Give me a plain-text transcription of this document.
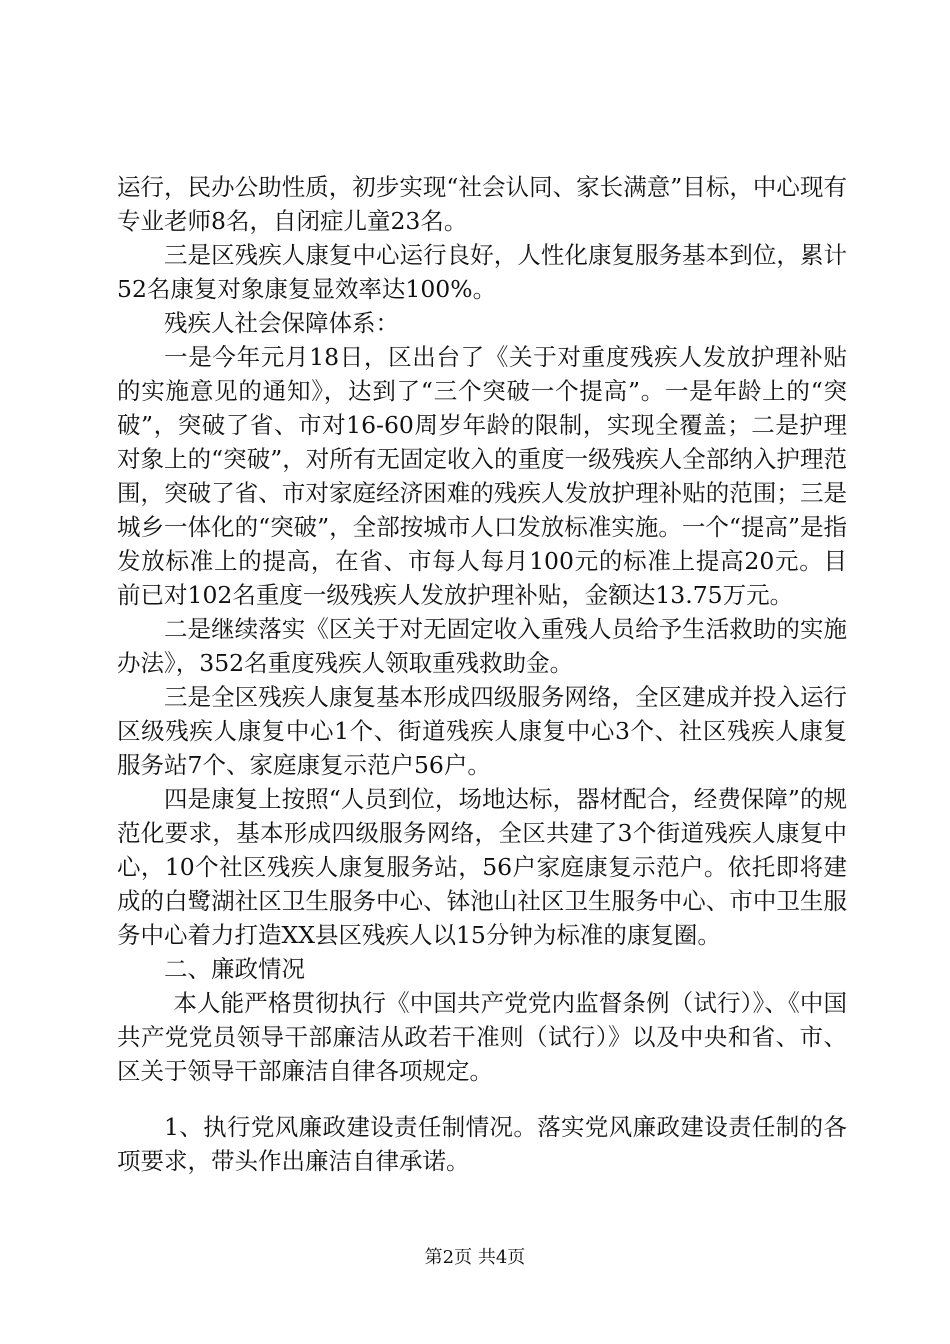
运行，民办公助性质，初步实现“社会认同、家长满意”目标，中心现有专业老师8名，自闭症儿童23名。

三是区残疾人康复中心运行良好，人性化康复服务基本到位，累计52名康复对象康复显效率达100%。

残疾人社会保障体系：

一是今年元月18日，区出台了《关于对重度残疾人发放护理补贴的实施意见的通知》，达到了“三个突破一个提高”。一是年龄上的“突破”，突破了省、市对16-60周岁年龄的限制，实现全覆盖；二是护理对象上的“突破”，对所有无固定收入的重度一级残疾人全部纳入护理范围，突破了省、市对家庭经济困难的残疾人发放护理补贴的范围；三是城乡一体化的“突破”，全部按城市人口发放标准实施。一个“提高”是指发放标准上的提高，在省、市每人每月100元的标准上提高20元。目前已对102名重度一级残疾人发放护理补贴，金额达13.75万元。

二是继续落实《区关于对无固定收入重残人员给予生活救助的实施办法》，352名重度残疾人领取重残救助金。

三是全区残疾人康复基本形成四级服务网络，全区建成并投入运行区级残疾人康复中心1个、街道残疾人康复中心3个、社区残疾人康复服务站7个、家庭康复示范户56户。

四是康复上按照“人员到位，场地达标，器材配合，经费保障”的规范化要求，基本形成四级服务网络，全区共建了3个街道残疾人康复中心，10个社区残疾人康复服务站，56户家庭康复示范户。依托即将建成的白鹭湖社区卫生服务中心、钵池山社区卫生服务中心、市中卫生服务中心着力打造XX县区残疾人以15分钟为标准的康复圈。

二、廉政情况

本人能严格贯彻执行《中国共产党党内监督条例（试行）》、《中国共产党党员领导干部廉洁从政若干准则（试行）》以及中央和省、市、区关于领导干部廉洁自律各项规定。

1、执行党风廉政建设责任制情况。落实党风廉政建设责任制的各项要求，带头作出廉洁自律承诺。

第2页 共4页
